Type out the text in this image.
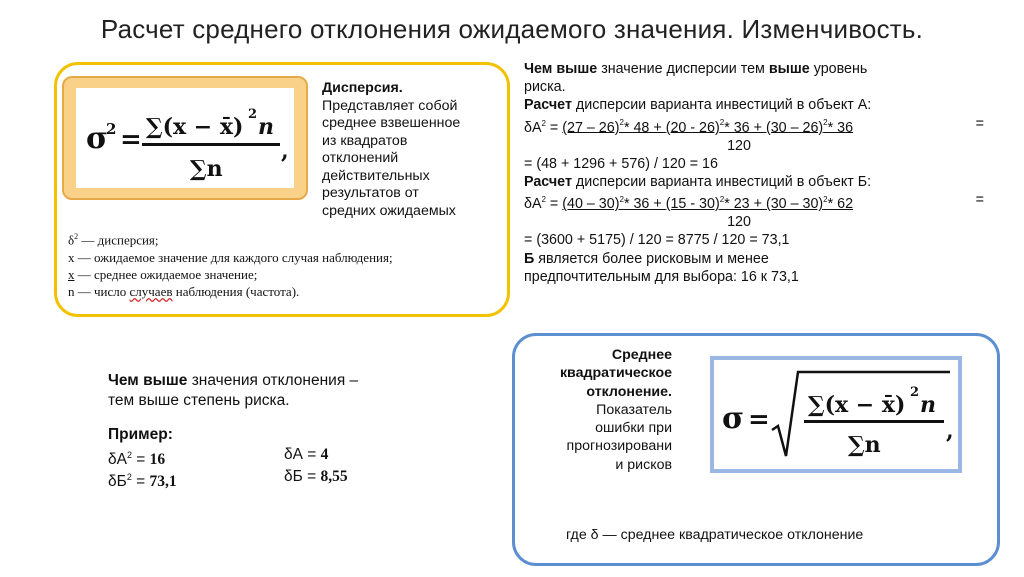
Расчет среднего отклонения ожидаемого значения. Изменчивость.
σ
2 = ∑(x − x̄) 2 n
∑n
,
Дисперсия.
Представляет собой
среднее взвешенное
из квадратов
отклонений
действительных
результатов от
средних ожидаемых
$\delta^2$ — дисперсия;
x — ожидаемое значение для каждого случая наблюдения;
x — среднее ожидаемое значение;
n — число случаев наблюдения (частота).
Чем выше значение дисперсии тем выше уровень
риска.
Расчет дисперсии варианта инвестиций в объект А:
$\delta А^2 = (27 - 26)^2*$ 48 + (20 - 26)$^2$* 36 + (30 – 26)$^2$* 36	=
120
= (48 + 1296 + 576) / 120 = 16
Расчет дисперсии варианта инвестиций в объект Б:
$\delta А^2 = (40 - 30)^2*$ 36 + (15 - 30)$^2$* 23 + (30 – 30)$^2$* 62	=
120
= (3600 + 5175) / 120 = 8775 / 120 = 73,1
Б является более рисковым и менее
предпочтительным для выбора: 16 к 73,1
Чем выше значения отклонения –
тем выше степень риска.
Пример:
$\delta А^2 = 16$	δА = 4
$\delta Б^2 = 73,1$	δБ = 8,55
Среднее
квадратическое
отклонение.
Показатель
ошибки при
прогнозировани
и рисков
σ = ∑(x − x̄) 2 n
∑n
,
где δ — среднее квадратическое отклонение
